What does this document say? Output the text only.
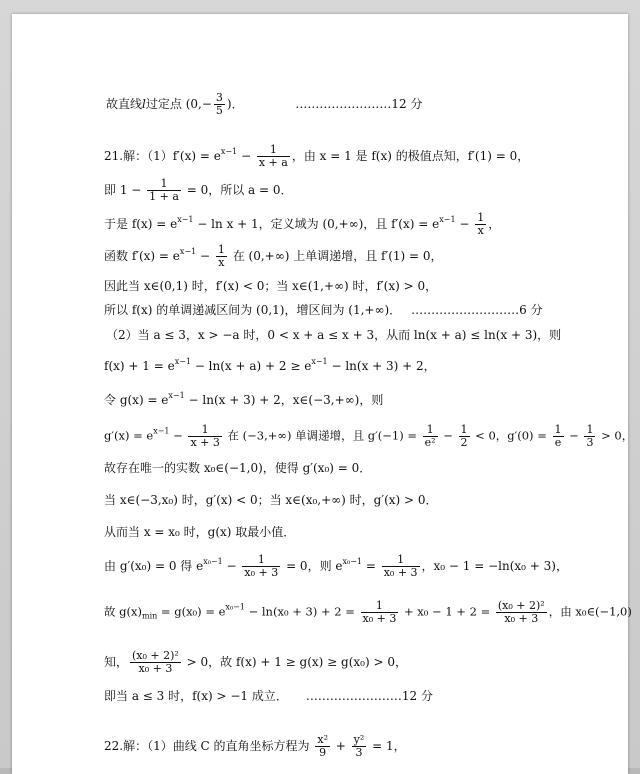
故直线l过定点 ($0,- \frac{3}{5}$ )．	……………………12 分
21.解：$(1)f'(x) = e^{x-1} - \frac{1}{x + a}$ ，由 x = 1 是 f(x) 的极值点知，f′(1) = 0，
即 $1 - \frac{1}{1 + a} = 0$，所以 a = 0．
于是 $f(x) = e^{x-1} - \ln x + 1$，定义域为 (0,+∞)，且 $f'(x) = e^{x-1} - \frac{1}{x}$ ，
函数 $f'(x) = e^{x-1} - \frac{1}{x}$ 在 (0,+∞) 上单调递增，且 f′(1) = 0，
因此当 x∈(0,1) 时，f′(x) < 0；当 x∈(1,+∞) 时，f′(x) > 0，
所以 f(x) 的单调递减区间为 (0,1)，增区间为 (1,+∞)． ………………………6 分
（2）当 a ≤ 3，x > −a 时，0 < x + a ≤ x + 3，从而 ln(x + a) ≤ ln(x + 3)，则
$f(x) + 1 = e^{x-1} - \ln(x + a) + 2 \ge e^{x-1} - \ln(x + 3) + 2$，
令 $g(x) = e^{x-1} - \ln(x + 3) + 2$，x∈(−3,+∞)，则
$g'(x) = e^{x-1} - \frac{1}{x + 3}$ 在 (−3,+∞) 单调递增，且 $g'(-1) = \frac{1}{\text{e²}} - \frac{1}{2} < 0$，$g'(0) = \frac{1}{e} - \frac{1}{3} > 0$，
故存在唯一的实数 x₀∈(−1,0)，使得 g′(x₀) = 0．
当 x∈(−3,x₀) 时，g′(x) < 0；当 x∈(x₀,+∞) 时，g′(x) > 0．
从而当 x = x₀ 时，g(x) 取最小值．
由 g′(x₀) = 0 得 $e^{x_0-1} - \frac{1}{\text{x₀ + 3}} = 0$，则 $e^{x_0-1} = \frac{1}{\text{x₀ + 3}}$ ，x₀ − 1 = −ln(x₀ + 3)，
故 $g(x)_{min} = g(x_0) = e^{x_0-1} - \ln(x_0 + 3) + 2 = \frac{1}{\text{x₀ + 3}} + x_0 - 1 + 2 = \frac{\text{(x₀ + 2)²}}{\text{x₀ + 3}}$ ，由 x₀∈(−1,0)
知， $\frac{\text{(x₀ + 2)²}}{\text{x₀ + 3}} > 0$，故 f(x) + 1 ≥ g(x) ≥ g(x₀) > 0，
即当 a ≤ 3 时，f(x) > −1 成立． ……………………12 分
22.解：（1）曲线 C 的直角坐标方程为 $\frac{\text{x²}}{9} + \frac{\text{y²}}{3} = 1$，
